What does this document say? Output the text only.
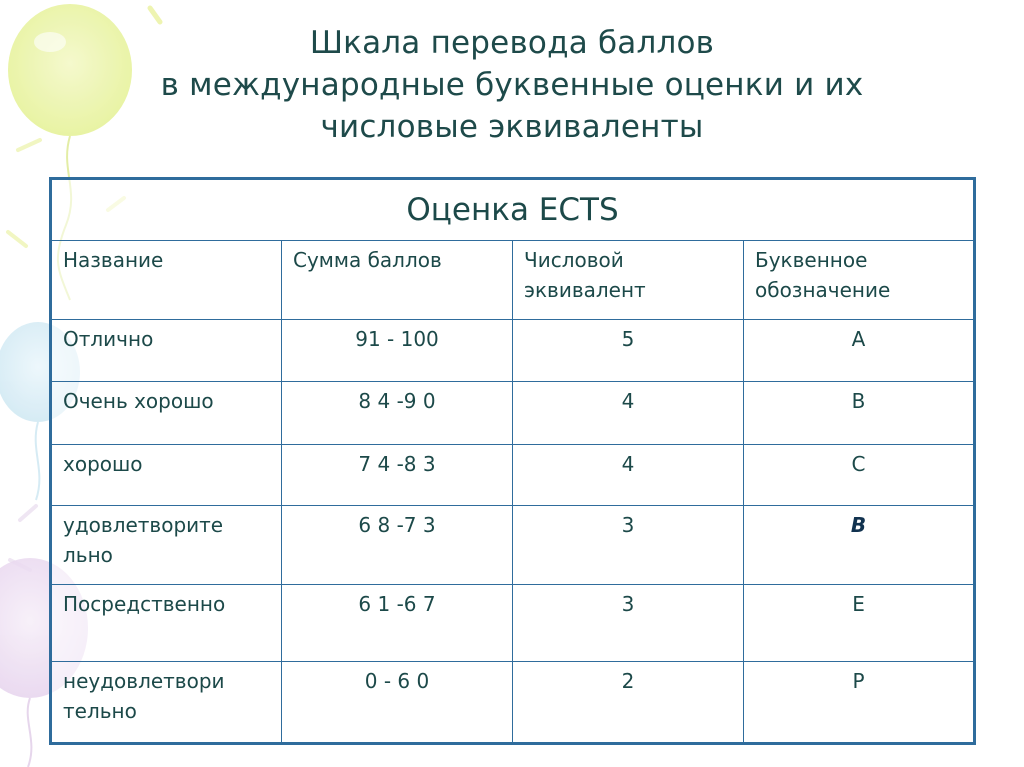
Шкала перевода баллов
в международные буквенные оценки и их
числовые эквиваленты
Оценка ECTS			
Название	Сумма баллов	Числовой эквивалент	Буквенное обозначение
Отлично	91 - 100	5	A
Очень хорошо	8 4 -9 0	4	B
хорошо	7 4 -8 3	4	C
удовлетворите льно	6 8 -7 3	3	B
Посредственно	6 1 -6 7	3	E
неудовлетвори тельно	0 - 6 0	2	P
